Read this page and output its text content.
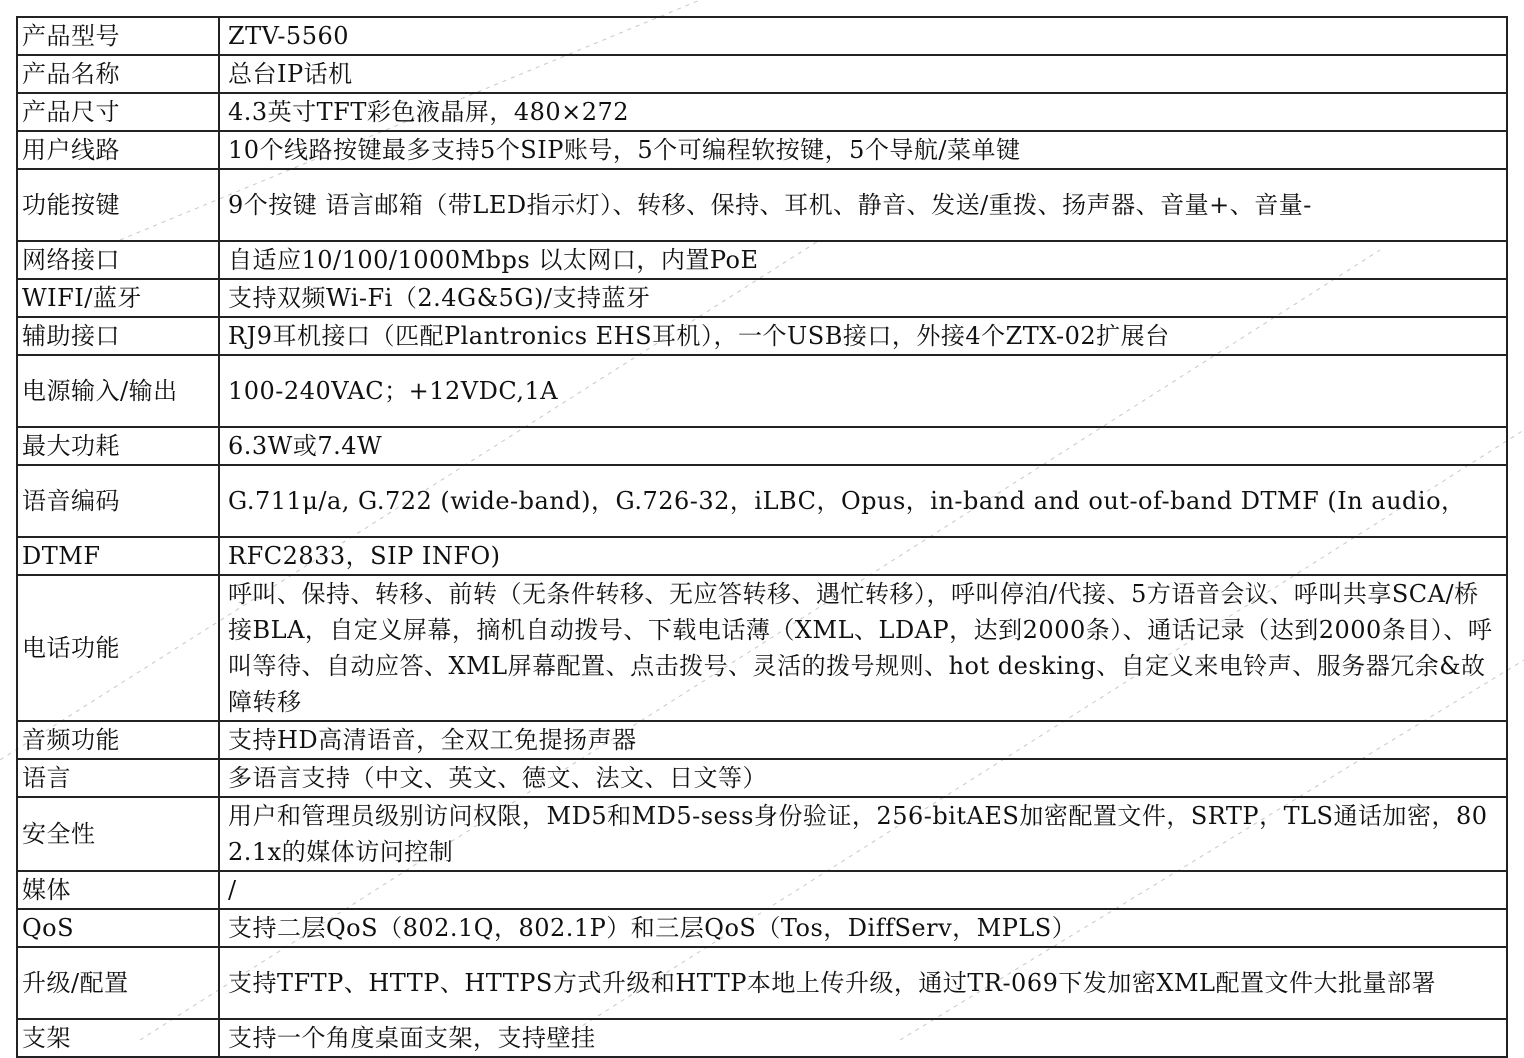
产品型号	ZTV-5560
产品名称	总台IP话机
产品尺寸	4.3英寸TFT彩色液晶屏，480×272
用户线路	10个线路按键最多支持5个SIP账号，5个可编程软按键，5个导航/菜单键
功能按键	9个按键 语言邮箱（带LED指示灯）、转移、保持、耳机、静音、发送/重拨、扬声器、音量+、音量-
网络接口	自适应10/100/1000Mbps 以太网口，内置PoE
WIFI/蓝牙	支持双频Wi-Fi（2.4G&5G)/支持蓝牙
辅助接口	RJ9耳机接口（匹配Plantronics EHS耳机），一个USB接口，外接4个ZTX-02扩展台
电源输入/输出	100-240VAC；+12VDC,1A
最大功耗	6.3W或7.4W
语音编码	G.711μ/a, G.722 (wide-band)，G.726-32，iLBC，Opus，in-band and out-of-band DTMF (In audio，
DTMF	RFC2833，SIP INFO)
电话功能	呼叫、保持、转移、前转（无条件转移、无应答转移、遇忙转移），呼叫停泊/代接、5方语音会议、呼叫共享SCA/桥接BLA，自定义屏幕，摘机自动拨号、下载电话薄（XML、LDAP，达到2000条）、通话记录（达到2000条目）、呼叫等待、自动应答、XML屏幕配置、点击拨号、灵活的拨号规则、hot desking、自定义来电铃声、服务器冗余&故障转移
音频功能	支持HD高清语音，全双工免提扬声器
语言	多语言支持（中文、英文、德文、法文、日文等）
安全性	用户和管理员级别访问权限，MD5和MD5-sess身份验证，256-bitAES加密配置文件，SRTP，TLS通话加密，802.1x的媒体访问控制
媒体	/
QoS	支持二层QoS（802.1Q，802.1P）和三层QoS（Tos，DiffServ，MPLS）
升级/配置	支持TFTP、HTTP、HTTPS方式升级和HTTP本地上传升级，通过TR-069下发加密XML配置文件大批量部署
支架	支持一个角度桌面支架，支持壁挂
